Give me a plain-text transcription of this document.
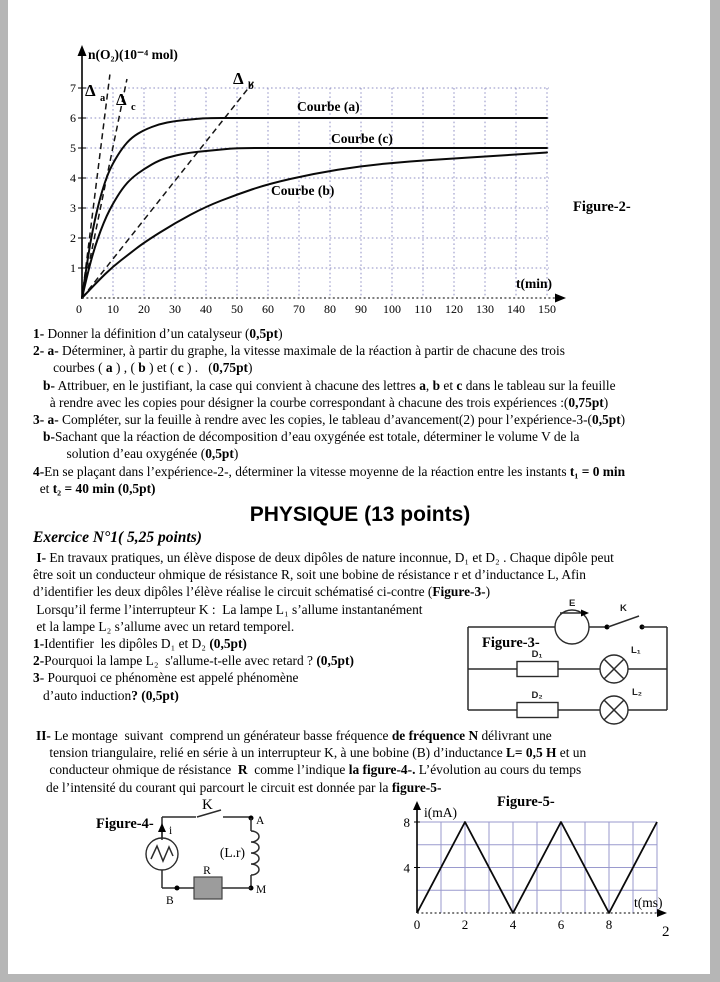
1
2
3
4
5
6
7
0 10 20 30 40 50 60 70 80 90 100 110 120 130 140 150
n(O₂)(10⁻⁴ mol)
t(min)
Courbe (a)
Courbe (c)
Courbe (b)
Δ a Δ c
Δ b
Figure-2-
E	K
Figure-3-
D₁	L₁
D₂	L₂
Figure-4-
K
A
(L.r)
M
R
B
i
0	2	4	6	8
4
8
i(mA)
t(ms)
Figure-5-
1- Donner la définition d’un catalyseur (0,5pt)
2- a- Déterminer, à partir du graphe, la vitesse maximale de la réaction à partir de chacune des trois
courbes ( a ) , ( b ) et ( c ) .   (0,75pt)
b- Attribuer, en le justifiant, la case qui convient à chacune des lettres a, b et c dans le tableau sur la feuille
à rendre avec les copies pour désigner la courbe correspondant à chacune des trois expériences :(0,75pt)
3- a- Compléter, sur la feuille à rendre avec les copies, le tableau d’avancement(2) pour l’expérience-3-(0,5pt)
b-Sachant que la réaction de décomposition d’eau oxygénée est totale, déterminer le volume V de la
solution d’eau oxygénée (0,5pt)
4-En se plaçant dans l’expérience-2-, déterminer la vitesse moyenne de la réaction entre les instants t₁ = 0 min
et t₂ = 40 min (0,5pt)
PHYSIQUE (13 points)
Exercice N°1( 5,25 points)
I- En travaux pratiques, un élève dispose de deux dipôles de nature inconnue, D₁ et D₂ . Chaque dipôle peut
être soit un conducteur ohmique de résistance R, soit une bobine de résistance r et d’inductance L, Afin
d’identifier les deux dipôles l’élève réalise le circuit schématisé ci-contre (Figure-3-)
Lorsqu’il ferme l’interrupteur K :  La lampe L₁ s’allume instantanément
et la lampe L₂ s’allume avec un retard temporel.
1-Identifier  les dipôles D₁ et D₂ (0,5pt)
2-Pourquoi la lampe L₂  s'allume-t-elle avec retard ? (0,5pt)
3- Pourquoi ce phénomène est appelé phénomène
d’auto induction? (0,5pt)
II- Le montage  suivant  comprend un générateur basse fréquence de fréquence N délivrant une
tension triangulaire, relié en série à un interrupteur K, à une bobine (B) d’inductance L= 0,5 H et un
conducteur ohmique de résistance  R  comme l’indique la figure-4-. L’évolution au cours du temps
de l’intensité du courant qui parcourt le circuit est donnée par la figure-5-
2
